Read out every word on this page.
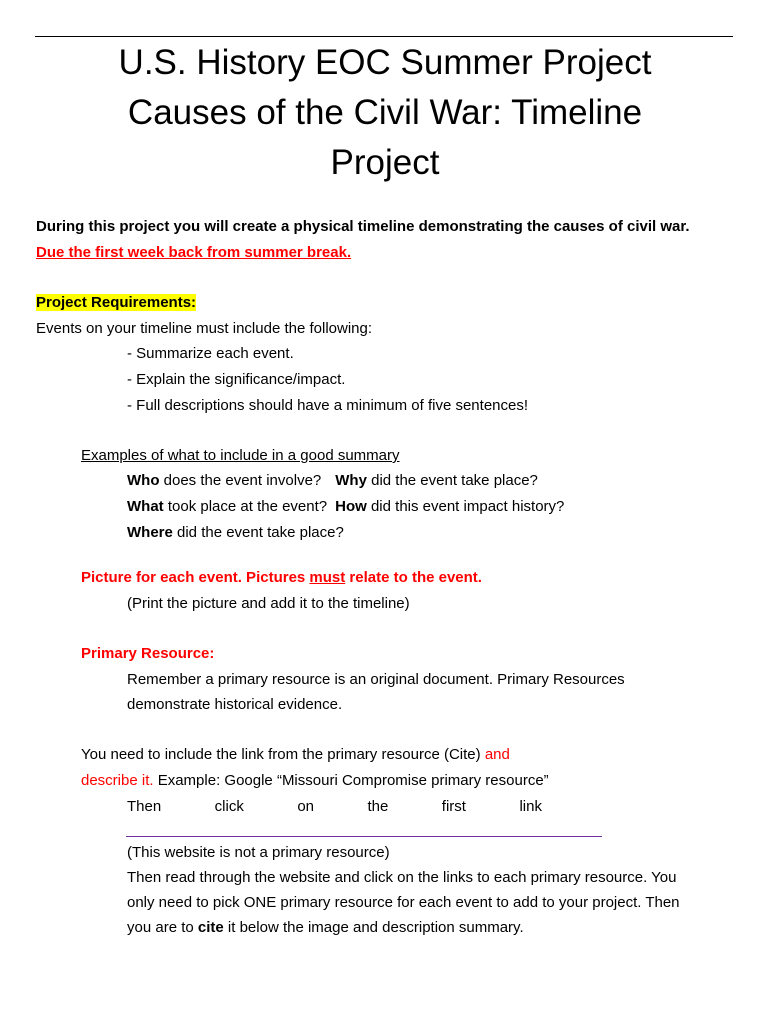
U.S. History EOC Summer Project
Causes of the Civil War: Timeline
Project
During this project you will create a physical timeline demonstrating the causes of civil war.
Due the first week back from summer break.
Project Requirements:
Events on your timeline must include the following:
- Summarize each event.
- Explain the significance/impact.
- Full descriptions should have a minimum of five sentences!
Examples of what to include in a good summary
Who does the event involve? Why did the event take place?
What took place at the event? How did this event impact history?
Where did the event take place?
Picture for each event. Pictures must relate to the event.
(Print the picture and add it to the timeline)
Primary Resource:
Remember a primary resource is an original document. Primary Resources
demonstrate historical evidence.
You need to include the link from the primary resource (Cite) and
describe it. Example: Google “Missouri Compromise primary resource”
Then	click	on	the	first	link
(This website is not a primary resource)
Then read through the website and click on the links to each primary resource. You
only need to pick ONE primary resource for each event to add to your project. Then
you are to cite it below the image and description summary.
